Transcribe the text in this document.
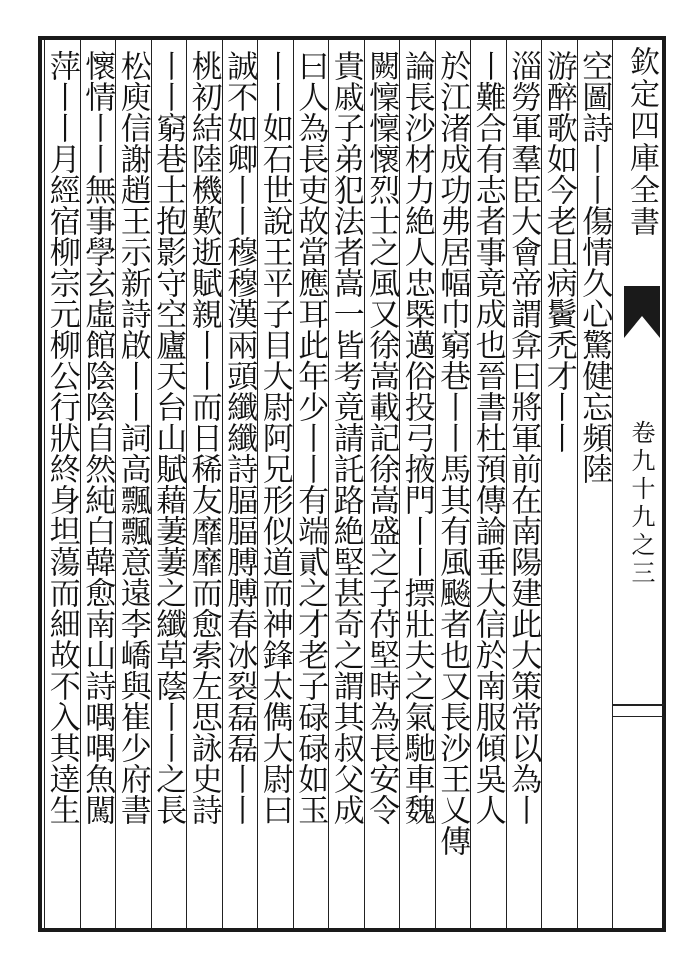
欽定四庫全書
卷九十九之三
空圖詩丨丨傷情久心驚健忘頻陸
游醉歌如今老且病鬢禿才丨丨
淄勞軍羣臣大會帝謂弇曰將軍前在南陽建此大策常以為丨
丨難合有志者事竟成也晉書杜預傳論垂大信於南服傾吳人
於江渚成功弗居幅巾窮巷丨丨馬其有風飈者也又長沙王乂傳
論長沙材力絶人忠槩邁俗投弓掖門丨丨摽壯夫之氣馳車魏
闕懍懍懷烈士之風又徐嵩載記徐嵩盛之子苻堅時為長安令
貴戚子弟犯法者嵩一皆考竟請託路絶堅甚奇之謂其叔父成
曰人為長吏故當應耳此年少丨丨有端貳之才老子碌碌如玉
丨丨如石世說王平子目大尉阿兄形似道而神鋒太儁大尉曰
誠不如卿丨丨穆穆漢兩頭纖纖詩腷腷膊膊春冰裂磊磊丨丨
桃初結陸機歎逝賦親丨丨而日稀友靡靡而愈索左思詠史詩
丨丨窮巷士抱影守空廬天台山賦藉萋萋之纖草蔭丨丨之長
松庾信謝趙王示新詩啟丨丨詞高飄飄意遠李嶠與崔少府書
懷情丨丨無事學玄虛館陰陰自然純白韓愈南山詩喁喁魚闖
萍丨丨月經宿柳宗元柳公行狀終身坦蕩而細故不入其逹生
